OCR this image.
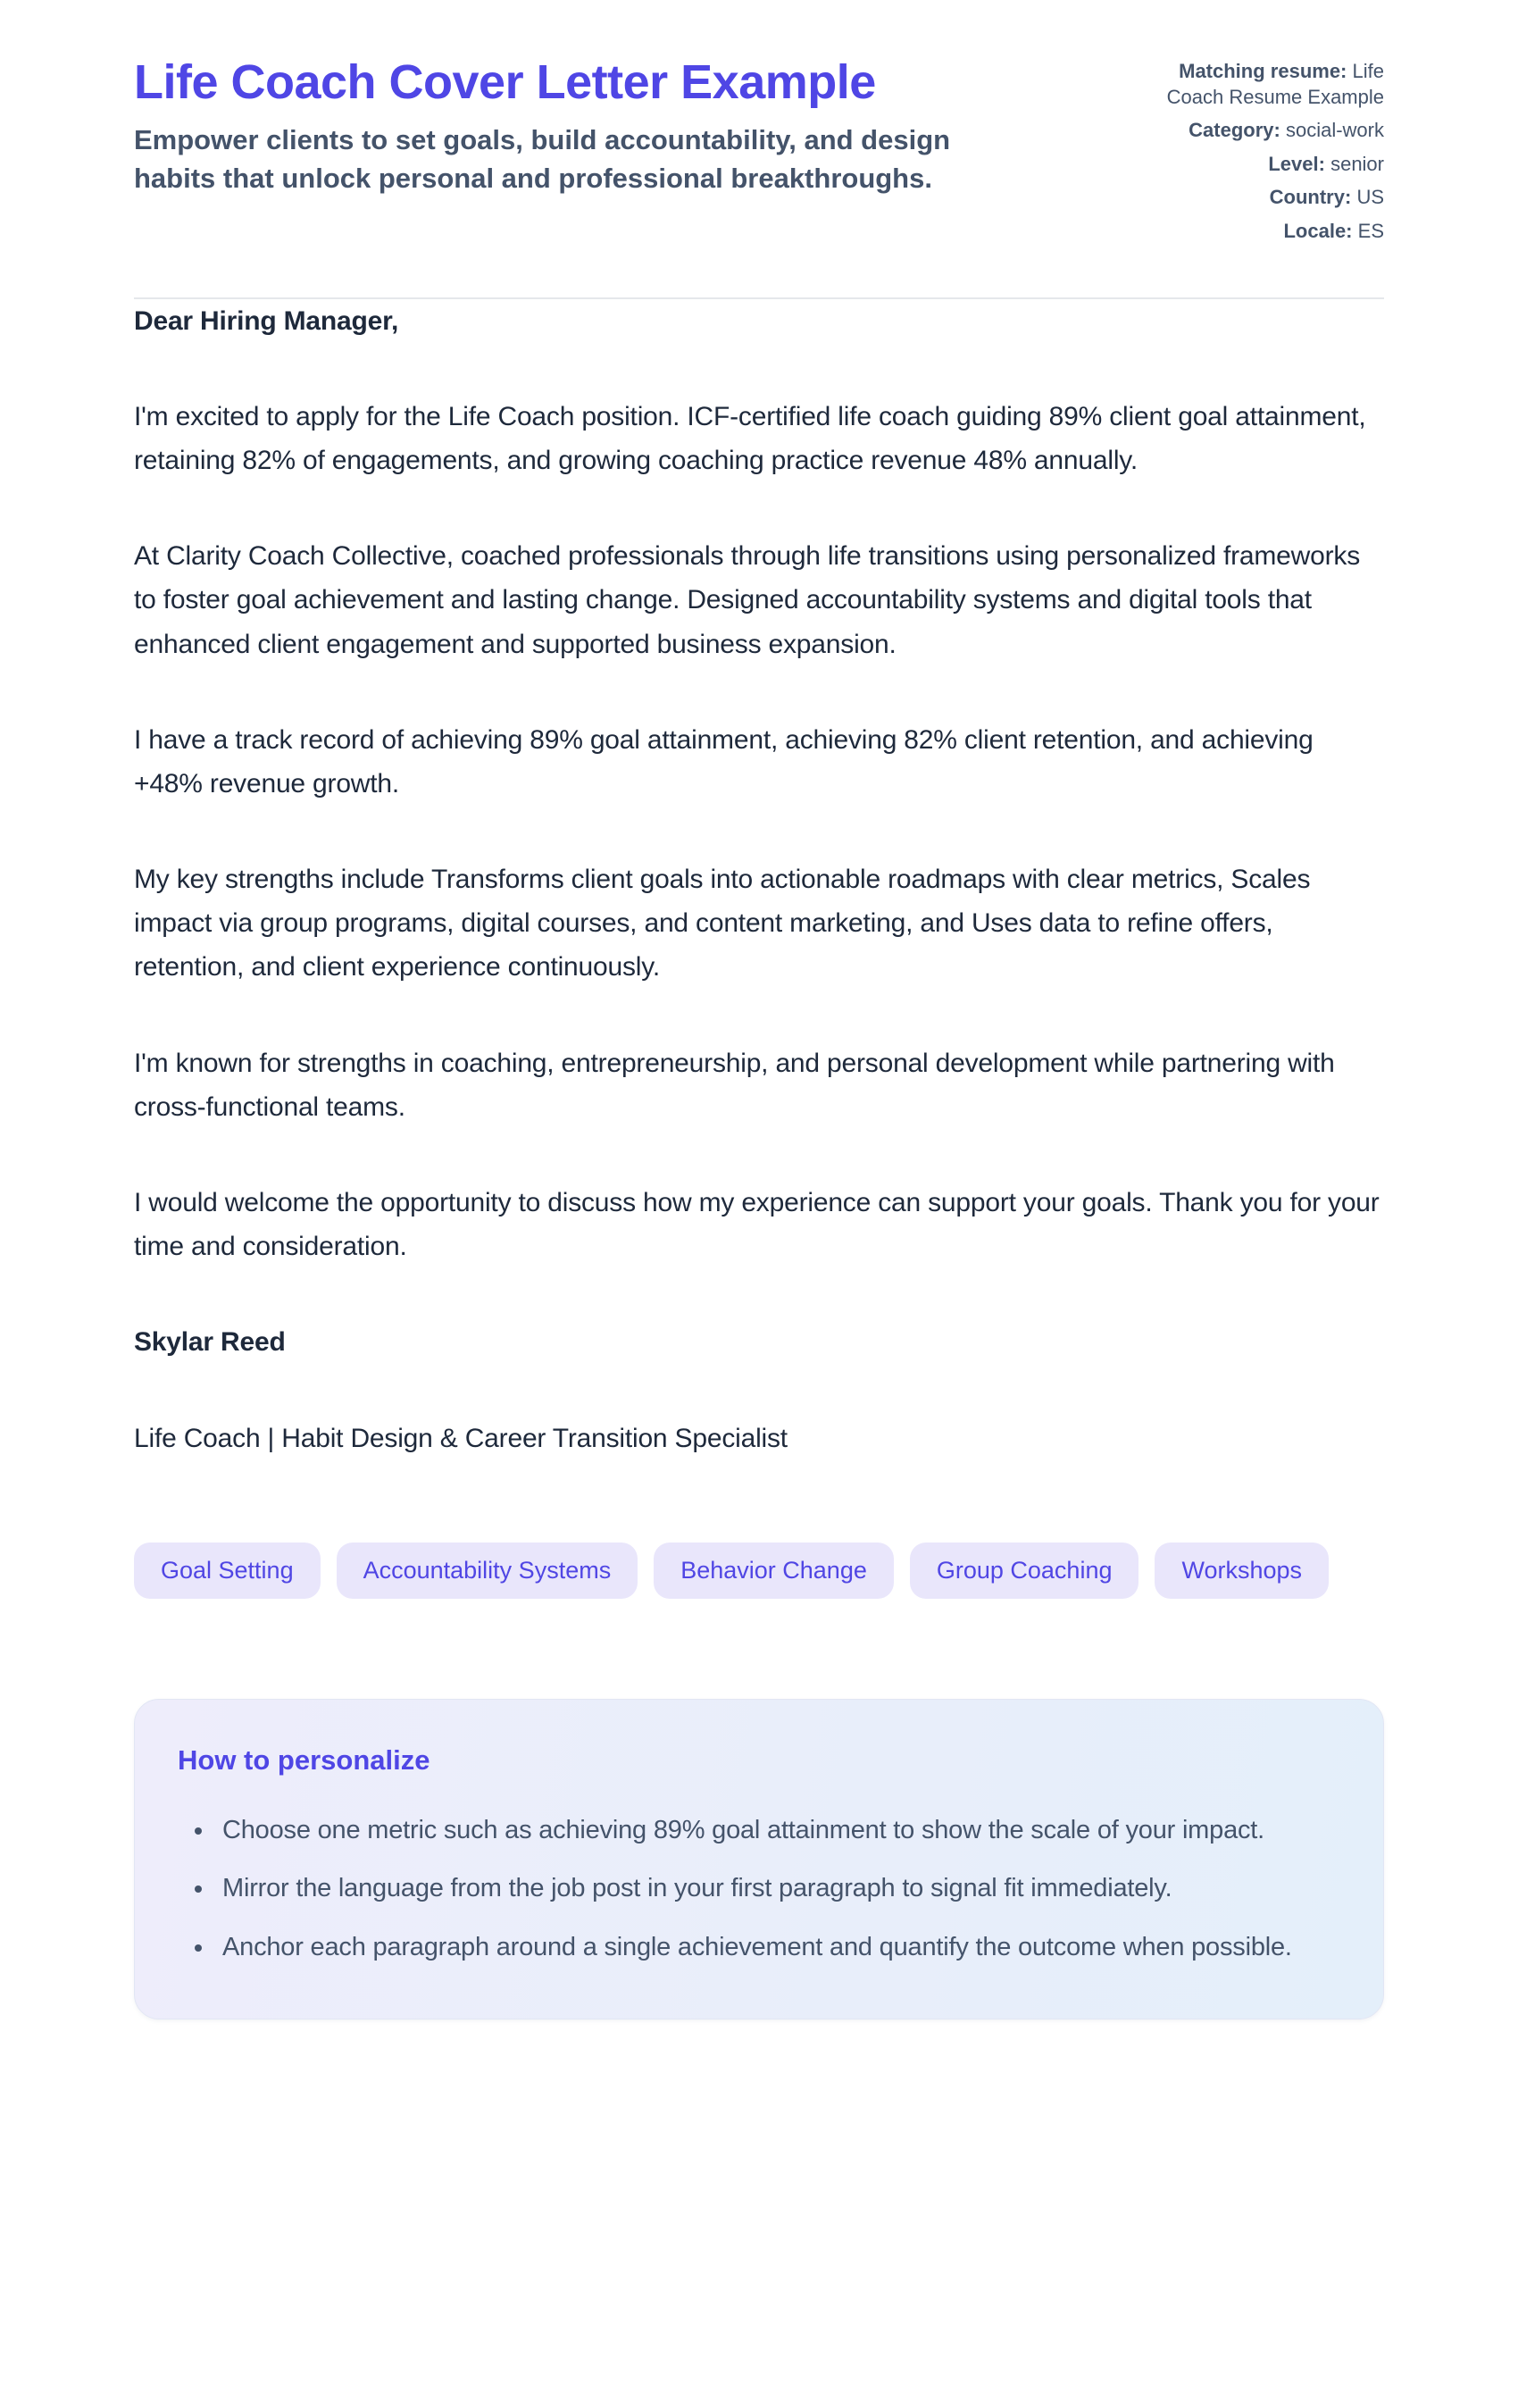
Life Coach Cover Letter Example

Empower clients to set goals, build accountability, and design habits that unlock personal and professional breakthroughs.

Matching resume: Life Coach Resume Example
Category: social-work
Level: senior
Country: US
Locale: ES

Dear Hiring Manager,

I'm excited to apply for the Life Coach position. ICF-certified life coach guiding 89% client goal attainment, retaining 82% of engagements, and growing coaching practice revenue 48% annually.

At Clarity Coach Collective, coached professionals through life transitions using personalized frameworks to foster goal achievement and lasting change. Designed accountability systems and digital tools that enhanced client engagement and supported business expansion.

I have a track record of achieving 89% goal attainment, achieving 82% client retention, and achieving +48% revenue growth.

My key strengths include Transforms client goals into actionable roadmaps with clear metrics, Scales impact via group programs, digital courses, and content marketing, and Uses data to refine offers, retention, and client experience continuously.

I'm known for strengths in coaching, entrepreneurship, and personal development while partnering with cross-functional teams.

I would welcome the opportunity to discuss how my experience can support your goals. Thank you for your time and consideration.

Skylar Reed

Life Coach | Habit Design & Career Transition Specialist

Goal Setting	Accountability Systems	Behavior Change	Group Coaching	Workshops
How to personalize
• Choose one metric such as achieving 89% goal attainment to show the scale of your impact.
• Mirror the language from the job post in your first paragraph to signal fit immediately.
• Anchor each paragraph around a single achievement and quantify the outcome when possible.
